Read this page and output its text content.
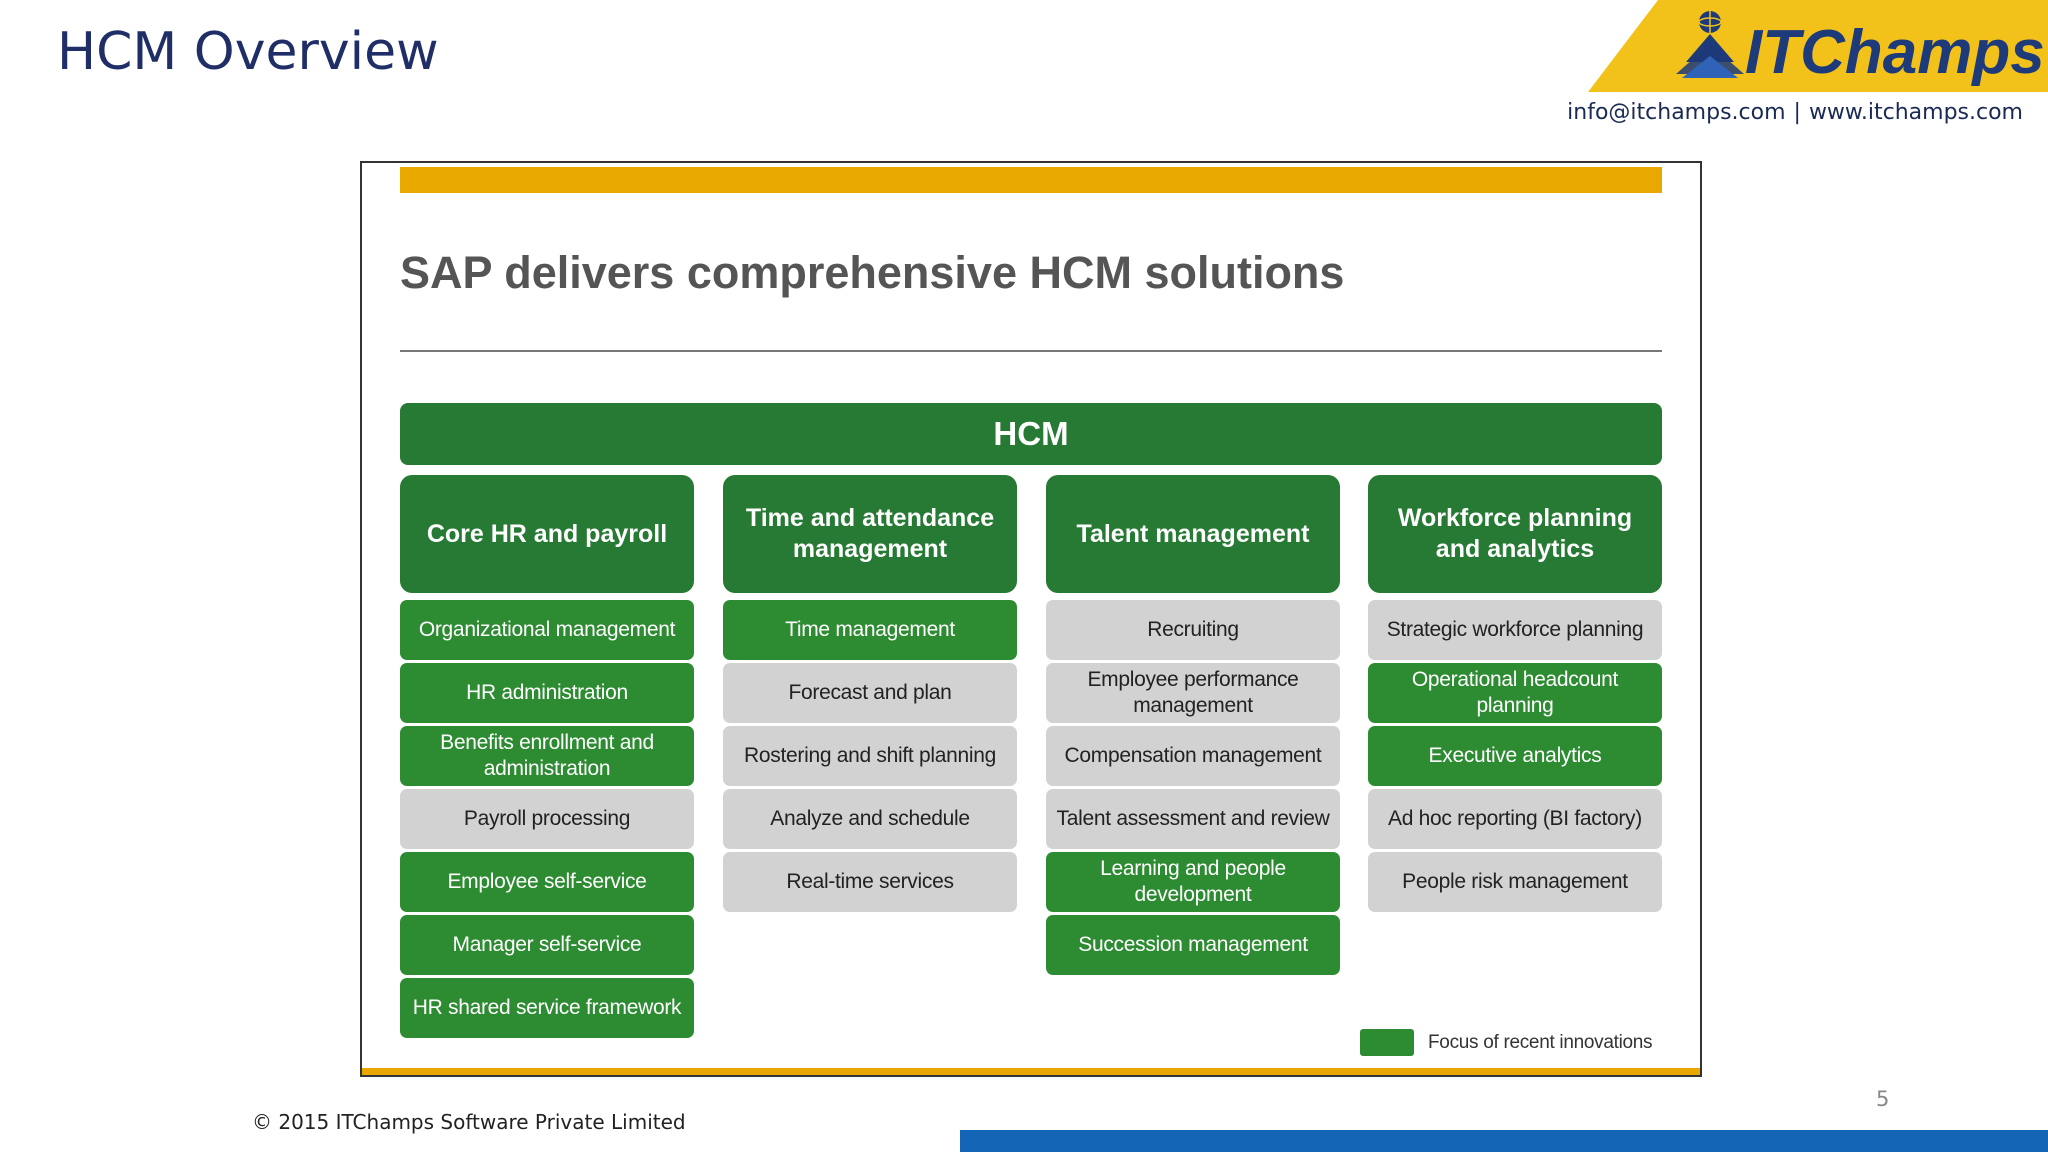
HCM Overview	ITChamps
info@itchamps.com | www.itchamps.com
SAP delivers comprehensive HCM solutions
HCM
Core HR and payroll
Organizational management
HR administration
Benefits enrollment and administration
Payroll processing
Employee self-service
Manager self-service
HR shared service framework
Time and attendance management
Time management
Forecast and plan
Rostering and shift planning
Analyze and schedule
Real-time services
Talent management
Recruiting
Employee performance management
Compensation management
Talent assessment and review
Learning and people development
Succession management
Workforce planning and analytics
Strategic workforce planning
Operational headcount planning
Executive analytics
Ad hoc reporting (BI factory)
People risk management
Focus of recent innovations
5
© 2015 ITChamps Software Private Limited
